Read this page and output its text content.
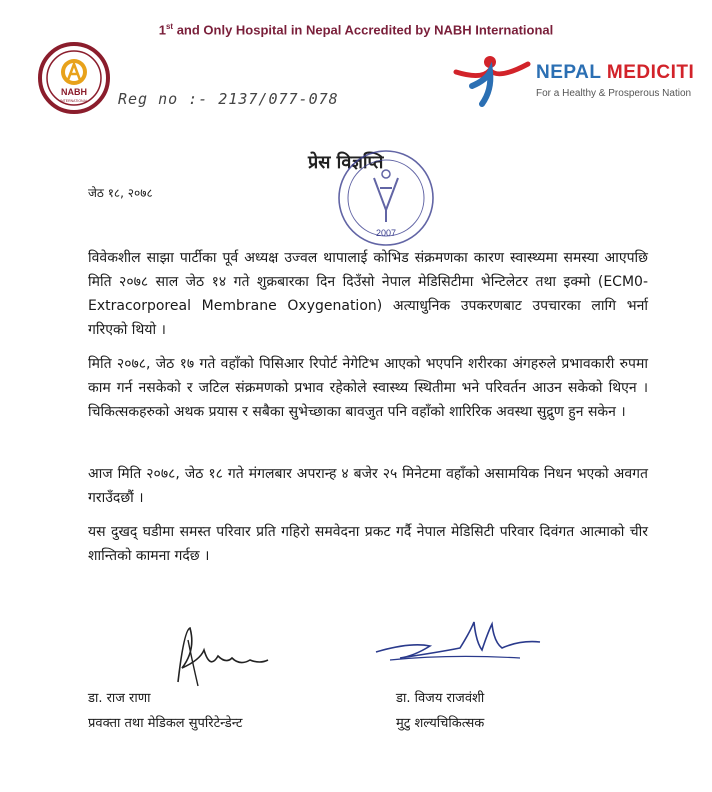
1st and Only Hospital in Nepal Accredited by NABH International
NABH
INTERNATIONAL Reg no :- 2137/077-078
NEPAL MEDICITI
For a Healthy & Prosperous Nation
प्रेस विज्ञप्ति
2007
जेठ १८, २०७८
विवेकशील साझा पार्टीका पूर्व अध्यक्ष उज्वल थापालाई कोभिड संक्रमणका कारण स्वास्थ्यमा समस्या आएपछि मिति २०७८ साल जेठ १४ गते शुक्रबारका दिन दिउँसो नेपाल मेडिसिटीमा भेन्टिलेटर तथा इक्मो (ECM0- Extracorporeal Membrane Oxygenation) अत्याधुनिक उपकरणबाट उपचारका लागि भर्ना गरिएको थियो ।
मिति २०७८, जेठ १७ गते वहाँको पिसिआर रिपोर्ट नेगेटिभ आएको भएपनि शरीरका अंगहरुले प्रभावकारी रुपमा काम गर्न नसकेको र जटिल संक्रमणको प्रभाव रहेकोले स्वास्थ्य स्थितीमा भने परिवर्तन आउन सकेको थिएन । चिकित्सकहरुको अथक प्रयास र सबैका सुभेच्छाका बावजुत पनि वहाँको शारिरिक अवस्था सुद्रुण हुन सकेन ।
आज मिति २०७८, जेठ १८ गते मंगलबार अपरान्ह ४ बजेर २५ मिनेटमा वहाँको असामयिक निधन भएको अवगत गराउँदछौं ।
यस दुखद् घडीमा समस्त परिवार प्रति गहिरो समवेदना प्रकट गर्दै नेपाल मेडिसिटी परिवार दिवंगत आत्माको चीर शान्तिको कामना गर्दछ ।
डा. राज राणा
प्रवक्ता तथा मेडिकल सुपरिटेन्डेन्ट
डा. विजय राजवंशी
मुटु शल्यचिकित्सक
